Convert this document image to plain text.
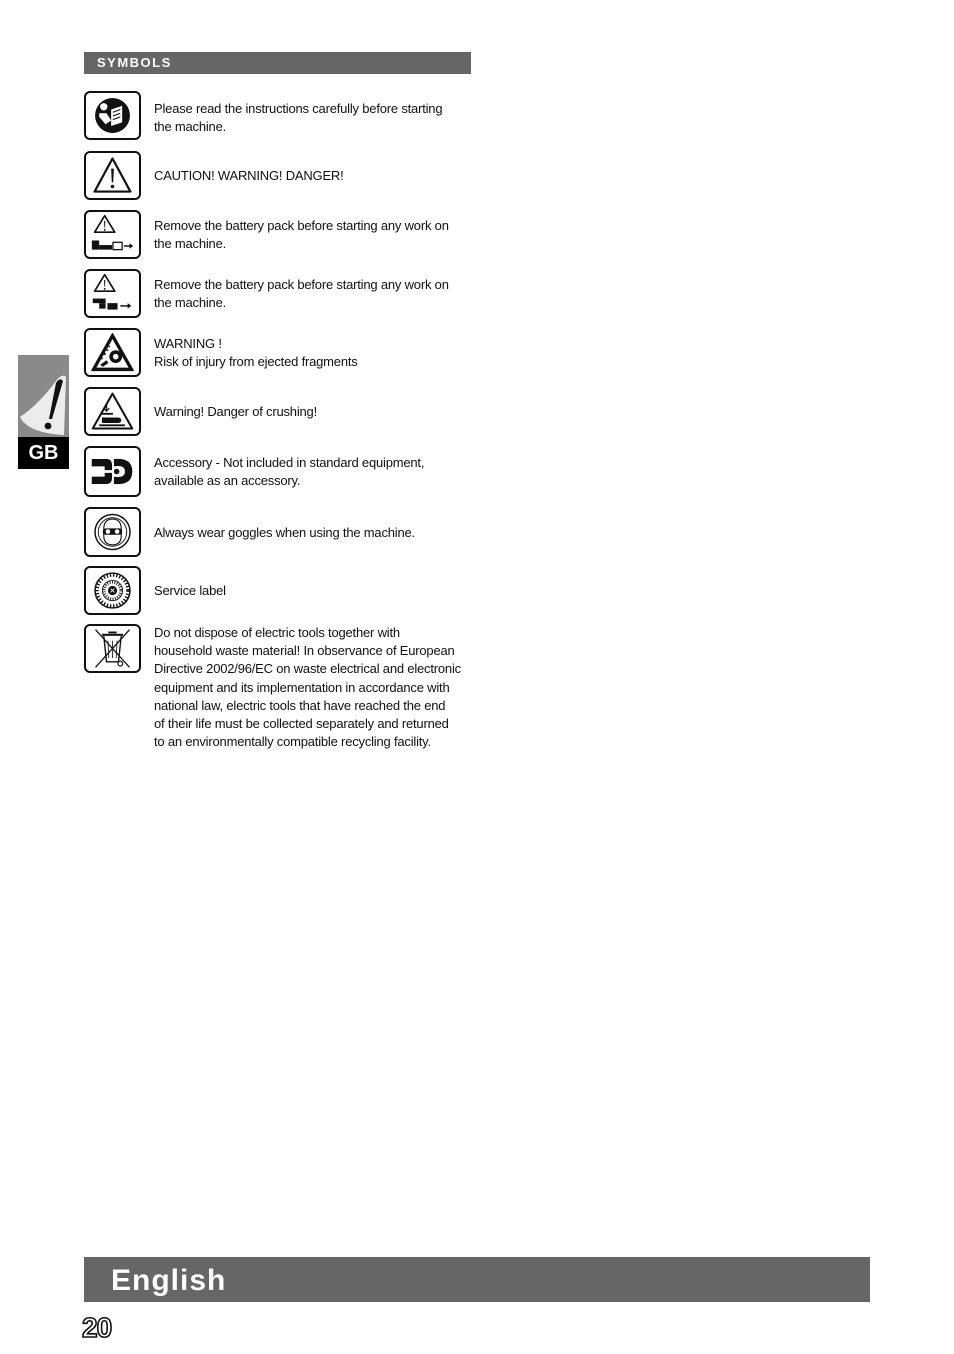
SYMBOLS
Please read the instructions carefully before starting
the machine.
CAUTION! WARNING! DANGER!
Remove the battery pack before starting any work on
the machine.
Remove the battery pack before starting any work on
the machine.
WARNING !
Risk of injury from ejected fragments
Warning! Danger of crushing!
Accessory - Not included in standard equipment,
available as an accessory.
Always wear goggles when using the machine.
Service label
Do not dispose of electric tools together with
household waste material! In observance of European
Directive 2002/96/EC on waste electrical and electronic
equipment and its implementation in accordance with
national law, electric tools that have reached the end
of their life must be collected separately and returned
to an environmentally compatible recycling facility.
GB
English
20
